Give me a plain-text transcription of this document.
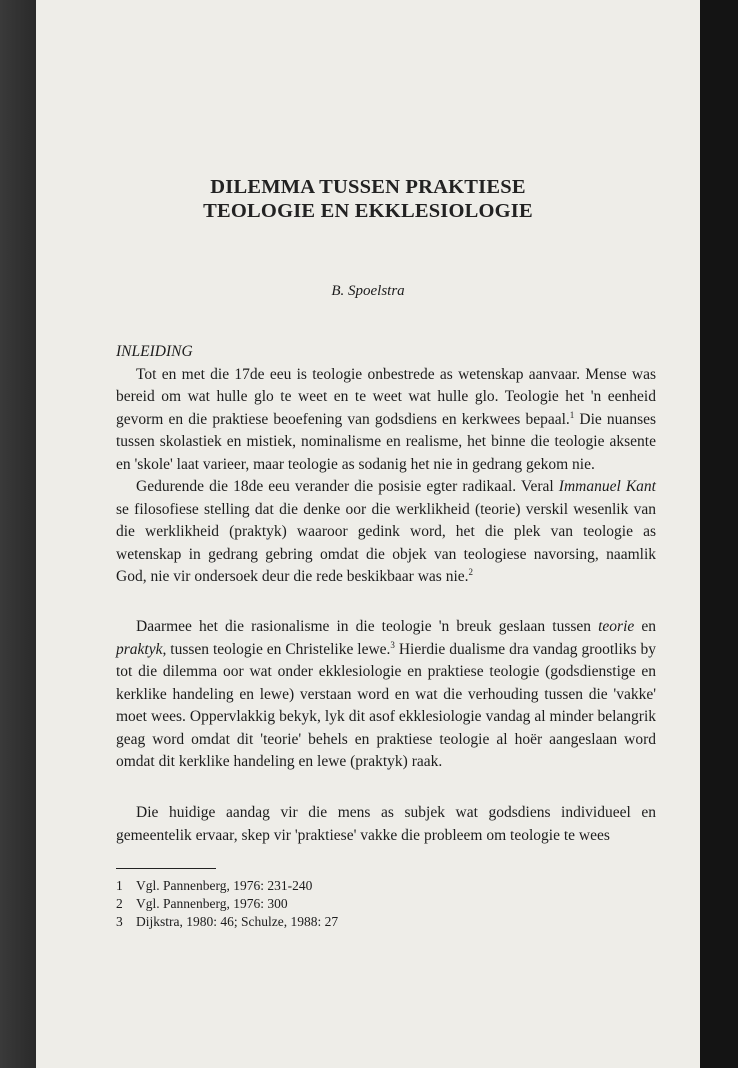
DILEMMA TUSSEN PRAKTIESE
TEOLOGIE EN EKKLESIOLOGIE
B. Spoelstra
INLEIDING

Tot en met die 17de eeu is teologie onbestrede as wetenskap aanvaar. Mense was bereid om wat hulle glo te weet en te weet wat hulle glo. Teologie het 'n eenheid gevorm en die praktiese beoefening van godsdiens en kerkwees bepaal.$^1$ Die nuanses tussen skolastiek en mistiek, nominalisme en realisme, het binne die teologie aksente en 'skole' laat varieer, maar teologie as sodanig het nie in gedrang gekom nie.

Gedurende die 18de eeu verander die posisie egter radikaal. Veral Immanuel Kant se filosofiese stelling dat die denke oor die werklikheid (teorie) verskil wesenlik van die werklikheid (praktyk) waaroor gedink word, het die plek van teologie as wetenskap in gedrang gebring omdat die objek van teologiese navorsing, naamlik God, nie vir ondersoek deur die rede beskikbaar was nie.$^2$

Daarmee het die rasionalisme in die teologie 'n breuk geslaan tussen teorie en praktyk, tussen teologie en Christelike lewe.$^3$ Hierdie dualisme dra vandag grootliks by tot die dilemma oor wat onder ekklesiologie en praktiese teologie (godsdienstige en kerklike handeling en lewe) verstaan word en wat die verhouding tussen die 'vakke' moet wees. Oppervlakkig bekyk, lyk dit asof ekklesiologie vandag al minder belangrik geag word omdat dit 'teorie' behels en praktiese teologie al hoër aangeslaan word omdat dit kerklike handeling en lewe (praktyk) raak.

Die huidige aandag vir die mens as subjek wat godsdiens individueel en gemeentelik ervaar, skep vir 'praktiese' vakke die probleem om teologie te wees

1 Vgl. Pannenberg, 1976: 231-240
2 Vgl. Pannenberg, 1976: 300
3 Dijkstra, 1980: 46; Schulze, 1988: 27
